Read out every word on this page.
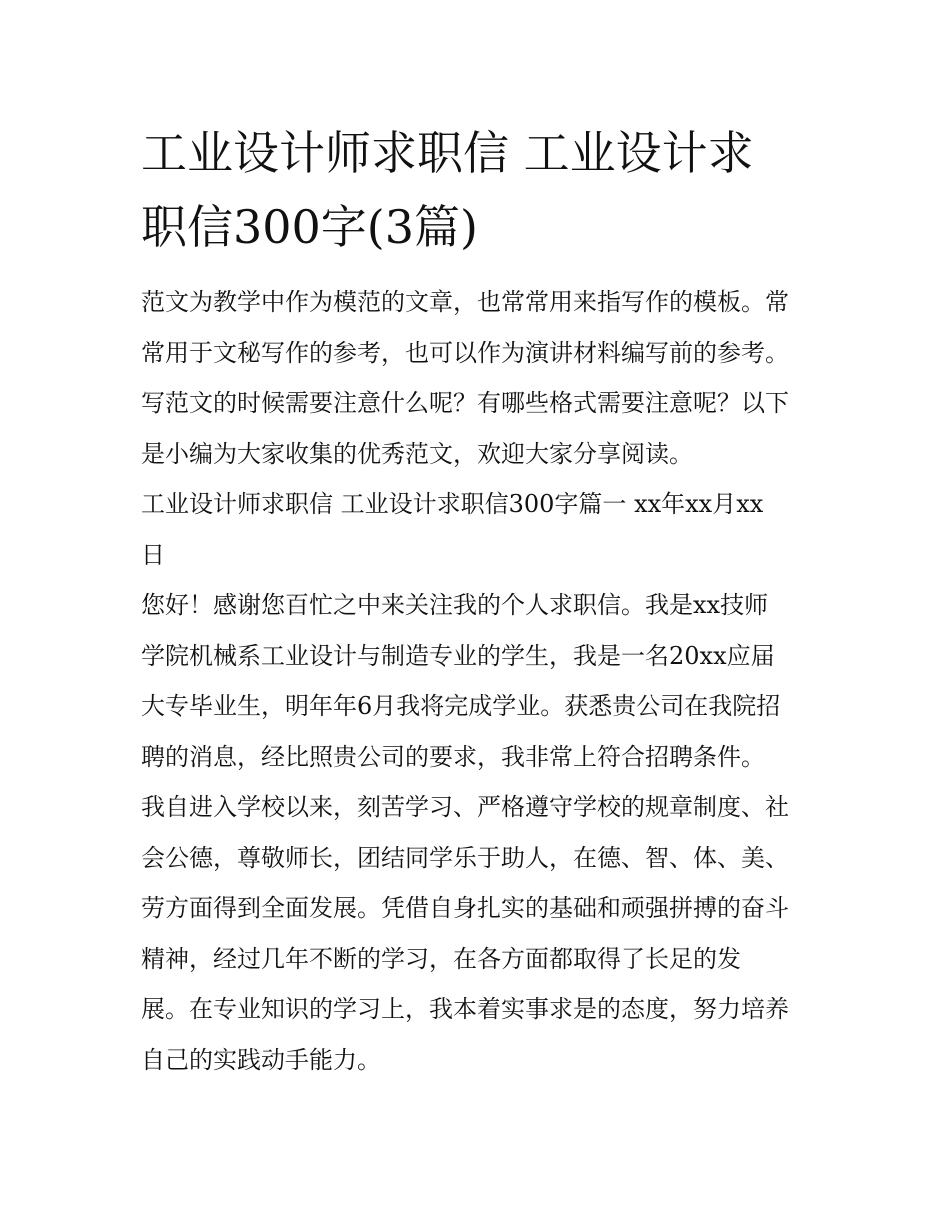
工业设计师求职信 工业设计求
职信300字(3篇)
范文为教学中作为模范的文章，也常常用来指写作的模板。常
常用于文秘写作的参考，也可以作为演讲材料编写前的参考。
写范文的时候需要注意什么呢？有哪些格式需要注意呢？以下
是小编为大家收集的优秀范文，欢迎大家分享阅读。
工业设计师求职信 工业设计求职信300字篇一 xx年xx月xx
日
您好！感谢您百忙之中来关注我的个人求职信。我是xx技师
学院机械系工业设计与制造专业的学生，我是一名20xx应届
大专毕业生，明年年6月我将完成学业。获悉贵公司在我院招
聘的消息，经比照贵公司的要求，我非常上符合招聘条件。
我自进入学校以来，刻苦学习、严格遵守学校的规章制度、社
会公德，尊敬师长，团结同学乐于助人，在德、智、体、美、
劳方面得到全面发展。凭借自身扎实的基础和顽强拼搏的奋斗
精神，经过几年不断的学习，在各方面都取得了长足的发
展。在专业知识的学习上，我本着实事求是的态度，努力培养
自己的实践动手能力。
